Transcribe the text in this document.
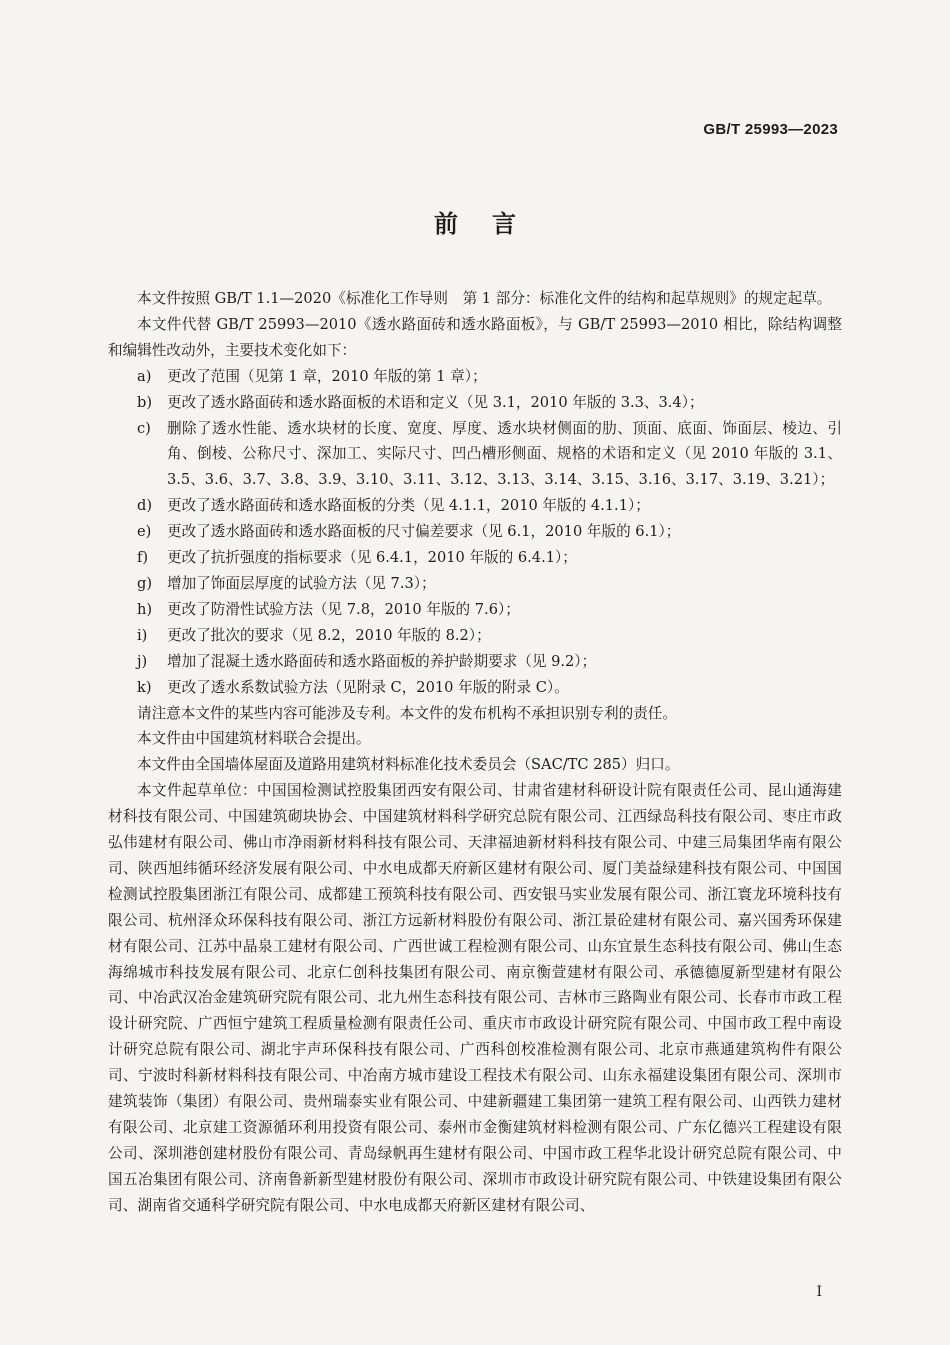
GB/T 25993—2023
前言

本文件按照 GB/T 1.1—2020《标准化工作导则　第 1 部分：标准化文件的结构和起草规则》的规定起草。

本文件代替 GB/T 25993—2010《透水路面砖和透水路面板》，与 GB/T 25993—2010 相比，除结构调整和编辑性改动外，主要技术变化如下：

a)	更改了范围（见第 1 章，2010 年版的第 1 章）；
b)	更改了透水路面砖和透水路面板的术语和定义（见 3.1，2010 年版的 3.3、3.4）；
c)	删除了透水性能、透水块材的长度、宽度、厚度、透水块材侧面的肋、顶面、底面、饰面层、棱边、引角、倒棱、公称尺寸、深加工、实际尺寸、凹凸槽形侧面、规格的术语和定义（见 2010 年版的 3.1、3.5、3.6、3.7、3.8、3.9、3.10、3.11、3.12、3.13、3.14、3.15、3.16、3.17、3.19、3.21）；
d)	更改了透水路面砖和透水路面板的分类（见 4.1.1，2010 年版的 4.1.1）；
e)	更改了透水路面砖和透水路面板的尺寸偏差要求（见 6.1，2010 年版的 6.1）；
f)	更改了抗折强度的指标要求（见 6.4.1，2010 年版的 6.4.1）；
g)	增加了饰面层厚度的试验方法（见 7.3）；
h)	更改了防滑性试验方法（见 7.8，2010 年版的 7.6）；
i)	更改了批次的要求（见 8.2，2010 年版的 8.2）；
j)	增加了混凝土透水路面砖和透水路面板的养护龄期要求（见 9.2）；
k)	更改了透水系数试验方法（见附录 C，2010 年版的附录 C）。

请注意本文件的某些内容可能涉及专利。本文件的发布机构不承担识别专利的责任。

本文件由中国建筑材料联合会提出。

本文件由全国墙体屋面及道路用建筑材料标准化技术委员会（SAC/TC 285）归口。

本文件起草单位：中国国检测试控股集团西安有限公司、甘肃省建材科研设计院有限责任公司、昆山通海建材科技有限公司、中国建筑砌块协会、中国建筑材料科学研究总院有限公司、江西绿岛科技有限公司、枣庄市政弘伟建材有限公司、佛山市净雨新材料科技有限公司、天津福迪新材料科技有限公司、中建三局集团华南有限公司、陕西旭纬循环经济发展有限公司、中水电成都天府新区建材有限公司、厦门美益绿建科技有限公司、中国国检测试控股集团浙江有限公司、成都建工预筑科技有限公司、西安银马实业发展有限公司、浙江寰龙环境科技有限公司、杭州泽众环保科技有限公司、浙江方远新材料股份有限公司、浙江景砼建材有限公司、嘉兴国秀环保建材有限公司、江苏中晶泉工建材有限公司、广西世诚工程检测有限公司、山东宜景生态科技有限公司、佛山生态海绵城市科技发展有限公司、北京仁创科技集团有限公司、南京衡萱建材有限公司、承德德厦新型建材有限公司、中冶武汉冶金建筑研究院有限公司、北九州生态科技有限公司、吉林市三路陶业有限公司、长春市市政工程设计研究院、广西恒宁建筑工程质量检测有限责任公司、重庆市市政设计研究院有限公司、中国市政工程中南设计研究总院有限公司、湖北宇声环保科技有限公司、广西科创校准检测有限公司、北京市燕通建筑构件有限公司、宁波时科新材料科技有限公司、中冶南方城市建设工程技术有限公司、山东永福建设集团有限公司、深圳市建筑装饰（集团）有限公司、贵州瑞泰实业有限公司、中建新疆建工集团第一建筑工程有限公司、山西铁力建材有限公司、北京建工资源循环利用投资有限公司、泰州市金衡建筑材料检测有限公司、广东亿德兴工程建设有限公司、深圳港创建材股份有限公司、青岛绿帆再生建材有限公司、中国市政工程华北设计研究总院有限公司、中国五冶集团有限公司、济南鲁新新型建材股份有限公司、深圳市市政设计研究院有限公司、中铁建设集团有限公司、湖南省交通科学研究院有限公司、中水电成都天府新区建材有限公司、

I
